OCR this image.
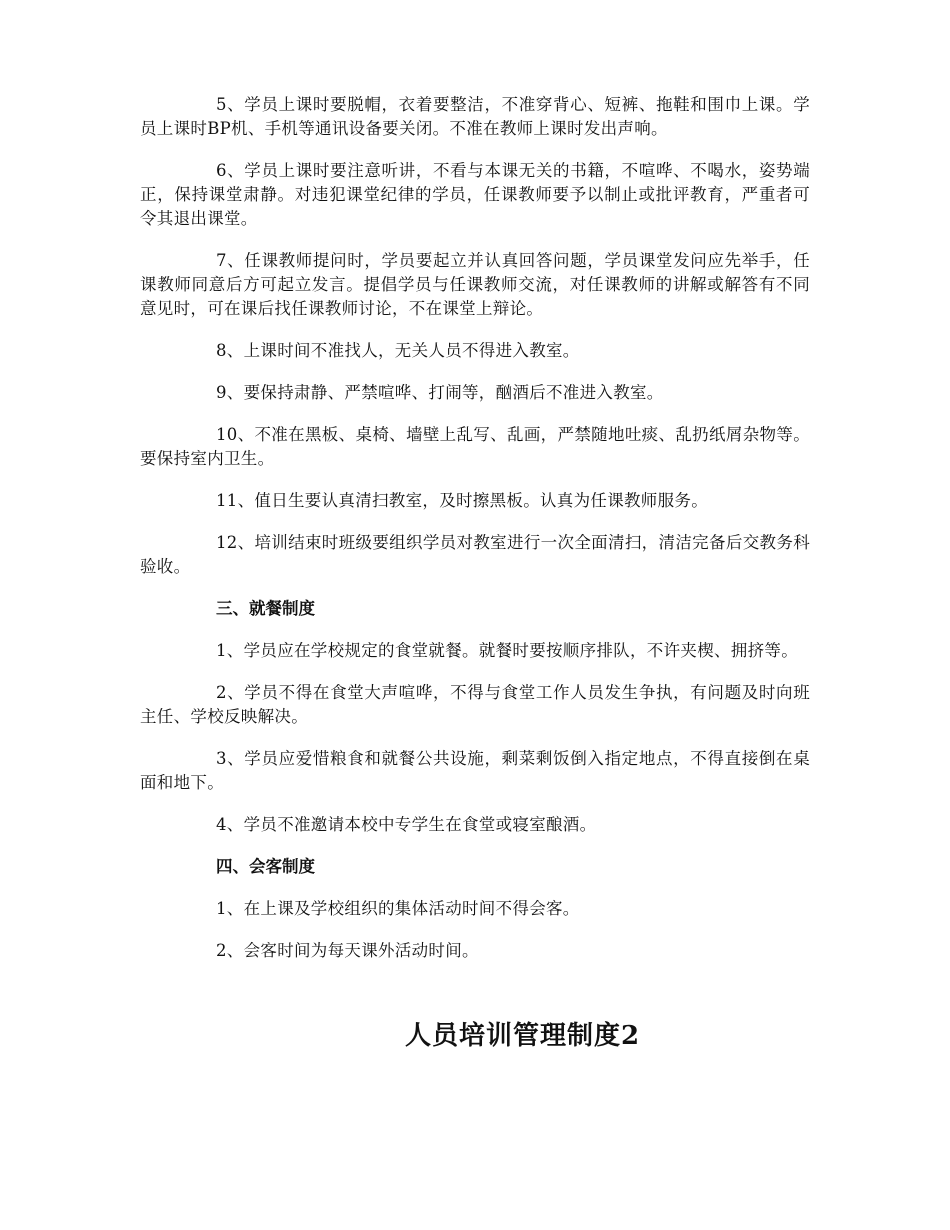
5、学员上课时要脱帽，衣着要整洁，不准穿背心、短裤、拖鞋和围巾上课。学员上课时BP机、手机等通讯设备要关闭。不准在教师上课时发出声响。

6、学员上课时要注意听讲，不看与本课无关的书籍，不喧哗、不喝水，姿势端正，保持课堂肃静。对违犯课堂纪律的学员，任课教师要予以制止或批评教育，严重者可令其退出课堂。

7、任课教师提问时，学员要起立并认真回答问题，学员课堂发问应先举手，任课教师同意后方可起立发言。提倡学员与任课教师交流，对任课教师的讲解或解答有不同意见时，可在课后找任课教师讨论，不在课堂上辩论。

8、上课时间不准找人，无关人员不得进入教室。

9、要保持肃静、严禁喧哗、打闹等，酗酒后不准进入教室。

10、不准在黑板、桌椅、墙壁上乱写、乱画，严禁随地吐痰、乱扔纸屑杂物等。要保持室内卫生。

11、值日生要认真清扫教室，及时擦黑板。认真为任课教师服务。

12、培训结束时班级要组织学员对教室进行一次全面清扫，清洁完备后交教务科验收。

三、就餐制度

1、学员应在学校规定的食堂就餐。就餐时要按顺序排队，不许夹楔、拥挤等。

2、学员不得在食堂大声喧哗，不得与食堂工作人员发生争执，有问题及时向班主任、学校反映解决。

3、学员应爱惜粮食和就餐公共设施，剩菜剩饭倒入指定地点，不得直接倒在桌面和地下。

4、学员不准邀请本校中专学生在食堂或寝室酿酒。

四、会客制度

1、在上课及学校组织的集体活动时间不得会客。

2、会客时间为每天课外活动时间。

人员培训管理制度2
